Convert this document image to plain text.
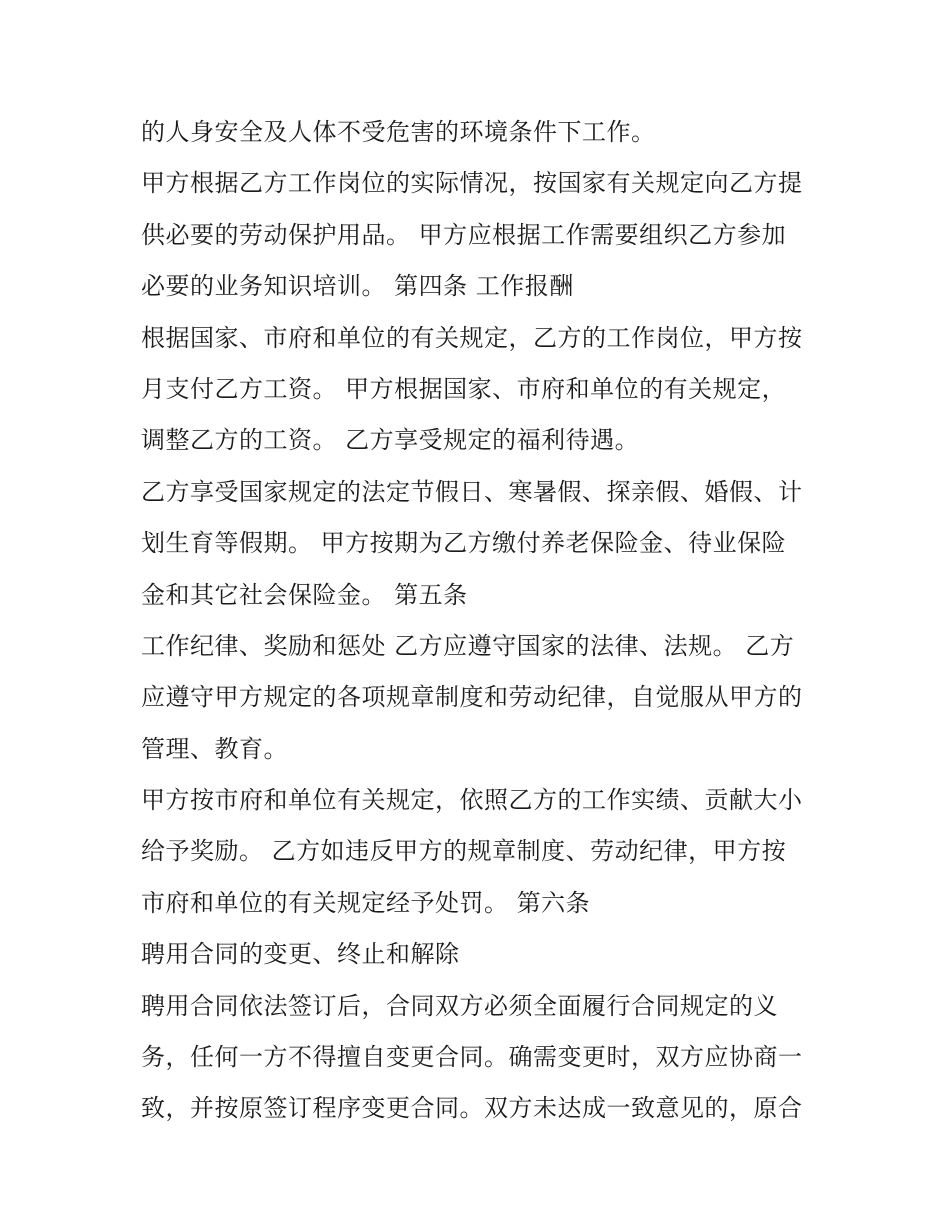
的人身安全及人体不受危害的环境条件下工作。
甲方根据乙方工作岗位的实际情况，按国家有关规定向乙方提
供必要的劳动保护用品。 甲方应根据工作需要组织乙方参加
必要的业务知识培训。 第四条 工作报酬
根据国家、市府和单位的有关规定，乙方的工作岗位，甲方按
月支付乙方工资。 甲方根据国家、市府和单位的有关规定，
调整乙方的工资。 乙方享受规定的福利待遇。
乙方享受国家规定的法定节假日、寒暑假、探亲假、婚假、计
划生育等假期。 甲方按期为乙方缴付养老保险金、待业保险
金和其它社会保险金。 第五条
工作纪律、奖励和惩处 乙方应遵守国家的法律、法规。 乙方
应遵守甲方规定的各项规章制度和劳动纪律，自觉服从甲方的
管理、教育。
甲方按市府和单位有关规定，依照乙方的工作实绩、贡献大小
给予奖励。 乙方如违反甲方的规章制度、劳动纪律，甲方按
市府和单位的有关规定经予处罚。 第六条
聘用合同的变更、终止和解除
聘用合同依法签订后，合同双方必须全面履行合同规定的义
务，任何一方不得擅自变更合同。确需变更时，双方应协商一
致，并按原签订程序变更合同。双方未达成一致意见的，原合
